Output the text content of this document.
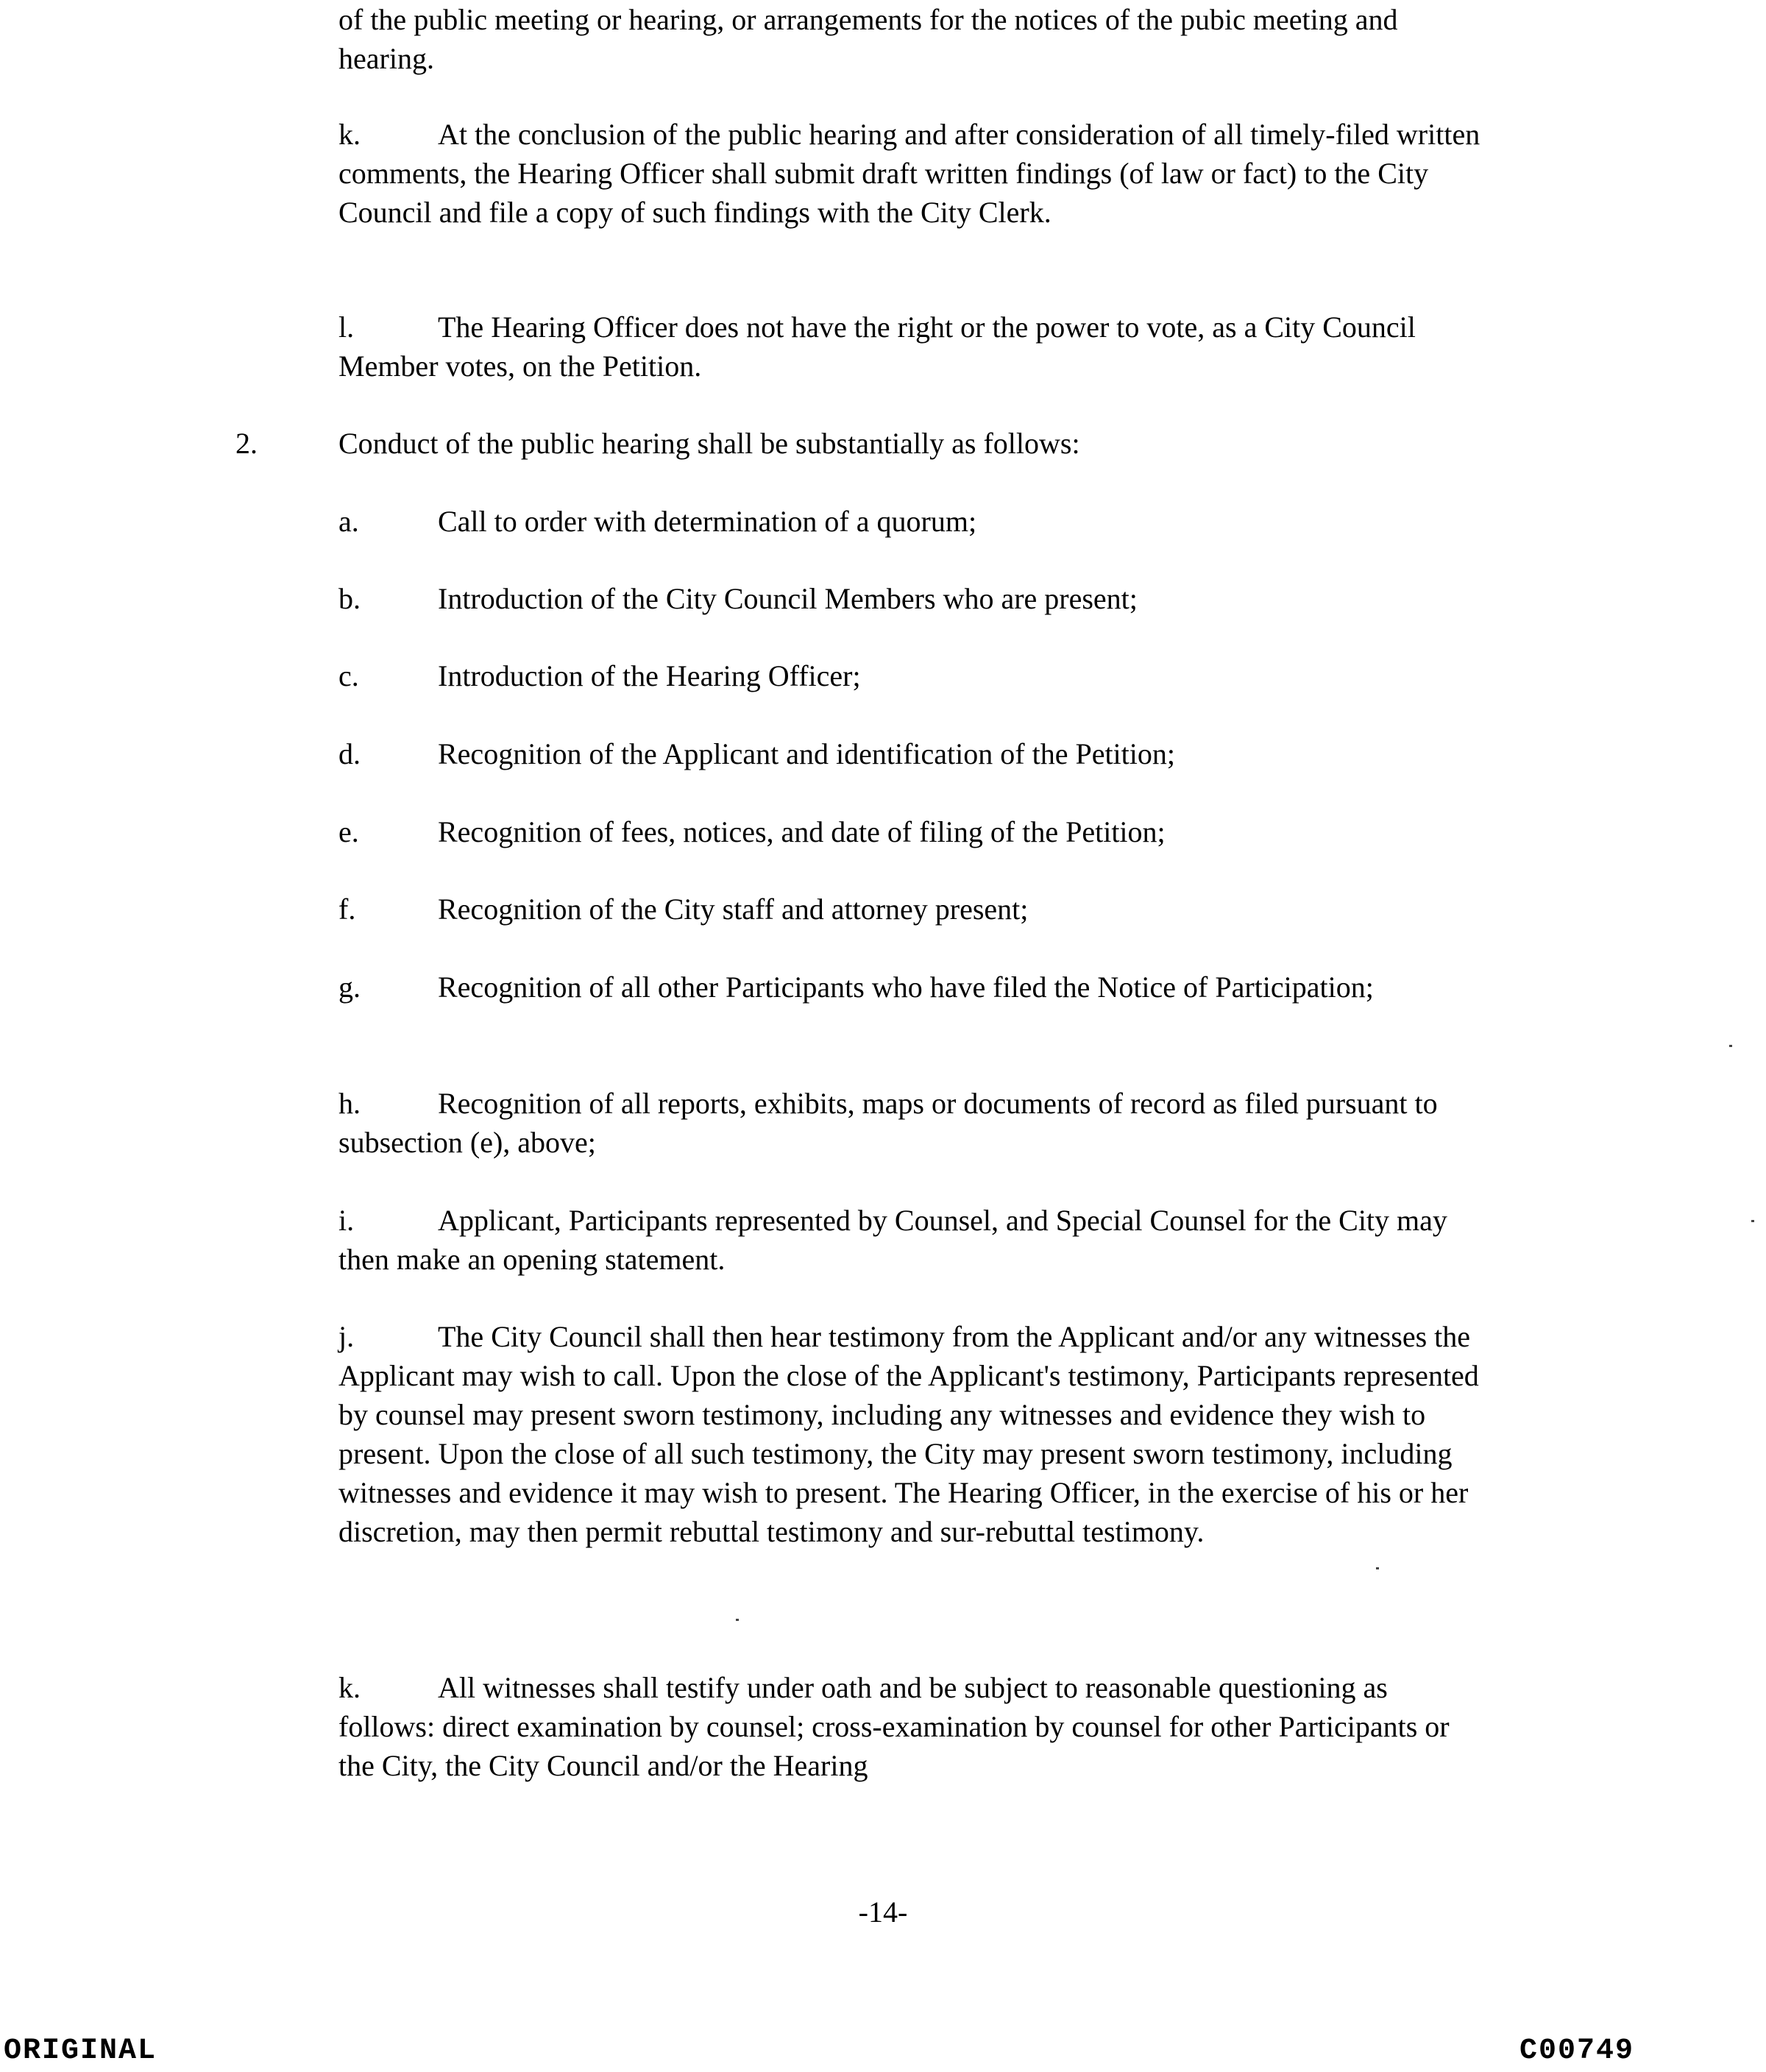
of the public meeting or hearing, or arrangements for the notices of the pubic meeting and hearing.

k.	At the conclusion of the public hearing and after consideration of all timely-filed written comments, the Hearing Officer shall submit draft written findings (of law or fact) to the City Council and file a copy of such findings with the City Clerk.

l.	The Hearing Officer does not have the right or the power to vote, as a City Council Member votes, on the Petition.

2.	Conduct of the public hearing shall be substantially as follows:
a.	Call to order with determination of a quorum;
b.	Introduction of the City Council Members who are present;
c.	Introduction of the Hearing Officer;
d.	Recognition of the Applicant and identification of the Petition;
e.	Recognition of fees, notices, and date of filing of the Petition;
f.	Recognition of the City staff and attorney present;

g.	Recognition of all other Participants who have filed the Notice of Participation;

h.	Recognition of all reports, exhibits, maps or documents of record as filed pursuant to subsection (e), above;

i.	Applicant, Participants represented by Counsel, and Special Counsel for the City may then make an opening statement.

j.	The City Council shall then hear testimony from the Applicant and/or any witnesses the Applicant may wish to call. Upon the close of the Applicant's testimony, Participants represented by counsel may present sworn testimony, including any witnesses and evidence they wish to present. Upon the close of all such testimony, the City may present sworn testimony, including witnesses and evidence it may wish to present. The Hearing Officer, in the exercise of his or her discretion, may then permit rebuttal testimony and sur-rebuttal testimony.

k.	All witnesses shall testify under oath and be subject to reasonable questioning as follows: direct examination by counsel; cross-examination by counsel for other Participants or the City, the City Council and/or the Hearing

-14-
ORIGINAL	C00749
